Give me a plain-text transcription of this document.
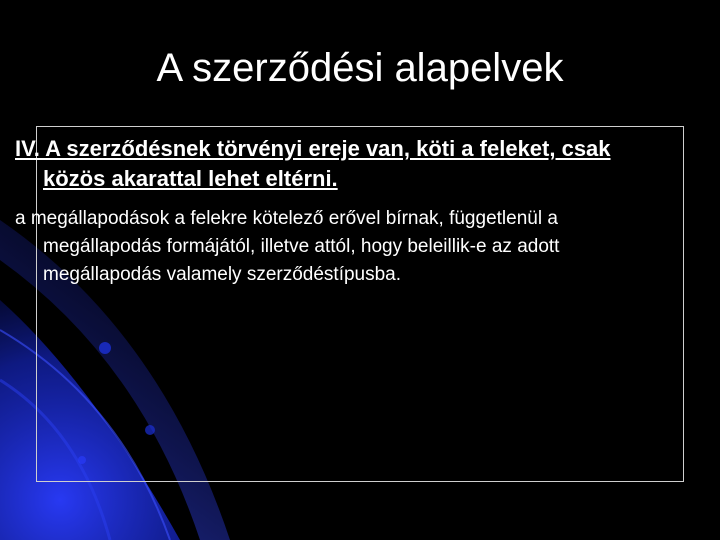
A szerződési alapelvek
IV. A szerződésnek törvényi ereje van, köti a feleket, csak közös akarattal lehet eltérni.
a megállapodások a felekre kötelező erővel bírnak, függetlenül a megállapodás formájától, illetve attól, hogy beleillik-e az adott megállapodás valamely szerződéstípusba.
